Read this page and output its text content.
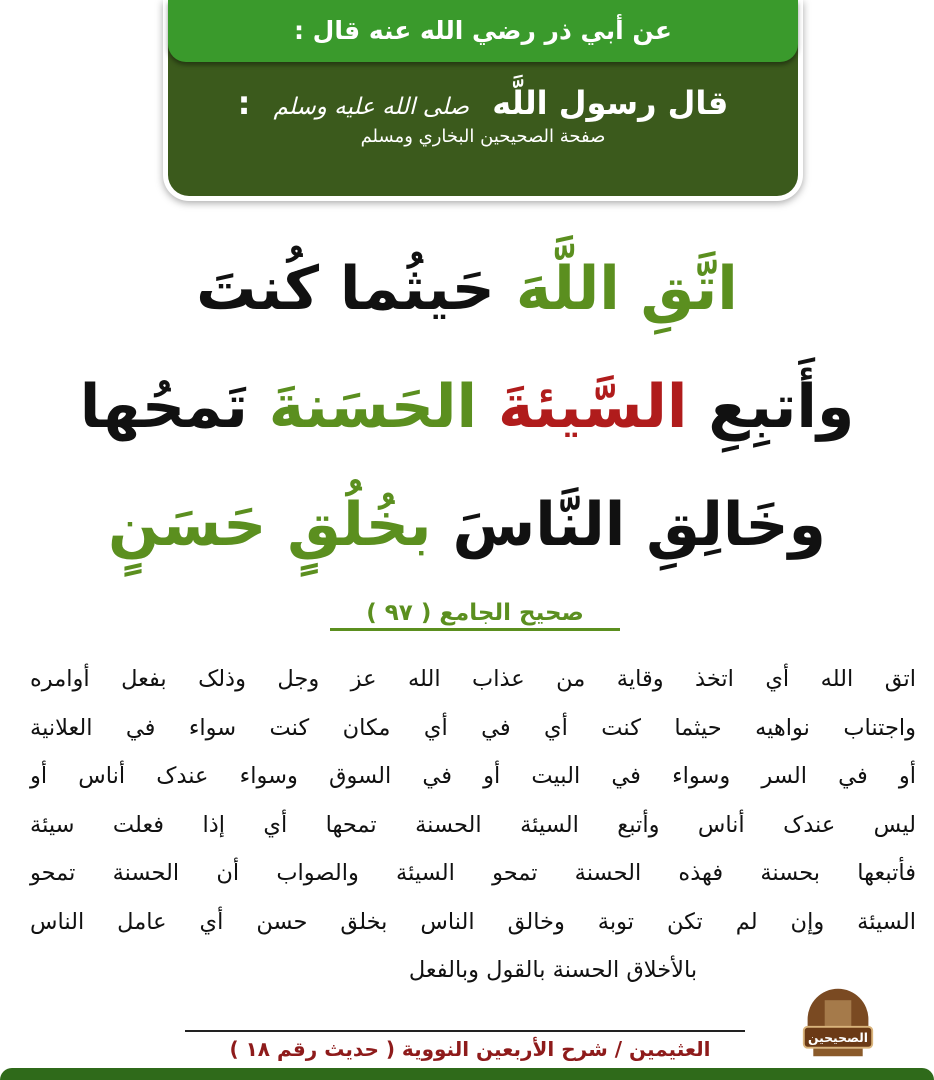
عن أبي ذر رضي الله عنه قال :
قال رسول اللَّه صلى الله عليه وسلم :
صفحة الصحيحين البخاري ومسلم
اتَّقِ اللَّهَ حَيثُما كُنتَ
وأَتبِعِ السَّيئةَ الحَسَنةَ تَمحُها
وخَالِقِ النَّاسَ بخُلُقٍ حَسَنٍ
صحيح الجامع ( ٩٧ )
اتق الله أي اتخذ وقاية من عذاب الله عز وجل وذلک بفعل أوامره
واجتناب نواهيه حيثما كنت أي في أي مكان كنت سواء في العلانية
أو في السر وسواء في البيت أو في السوق وسواء عندک أناس أو
ليس عندک أناس وأتبع السيئة الحسنة تمحها أي إذا فعلت سيئة
فأتبعها بحسنة فهذه الحسنة تمحو السيئة والصواب أن الحسنة تمحو
السيئة وإن لم تكن توبة وخالق الناس بخلق حسن أي عامل الناس
بالأخلاق الحسنة بالقول وبالفعل
العثيمين / شرح الأربعين النووية ( حديث رقم ١٨ )	الصحيحين
